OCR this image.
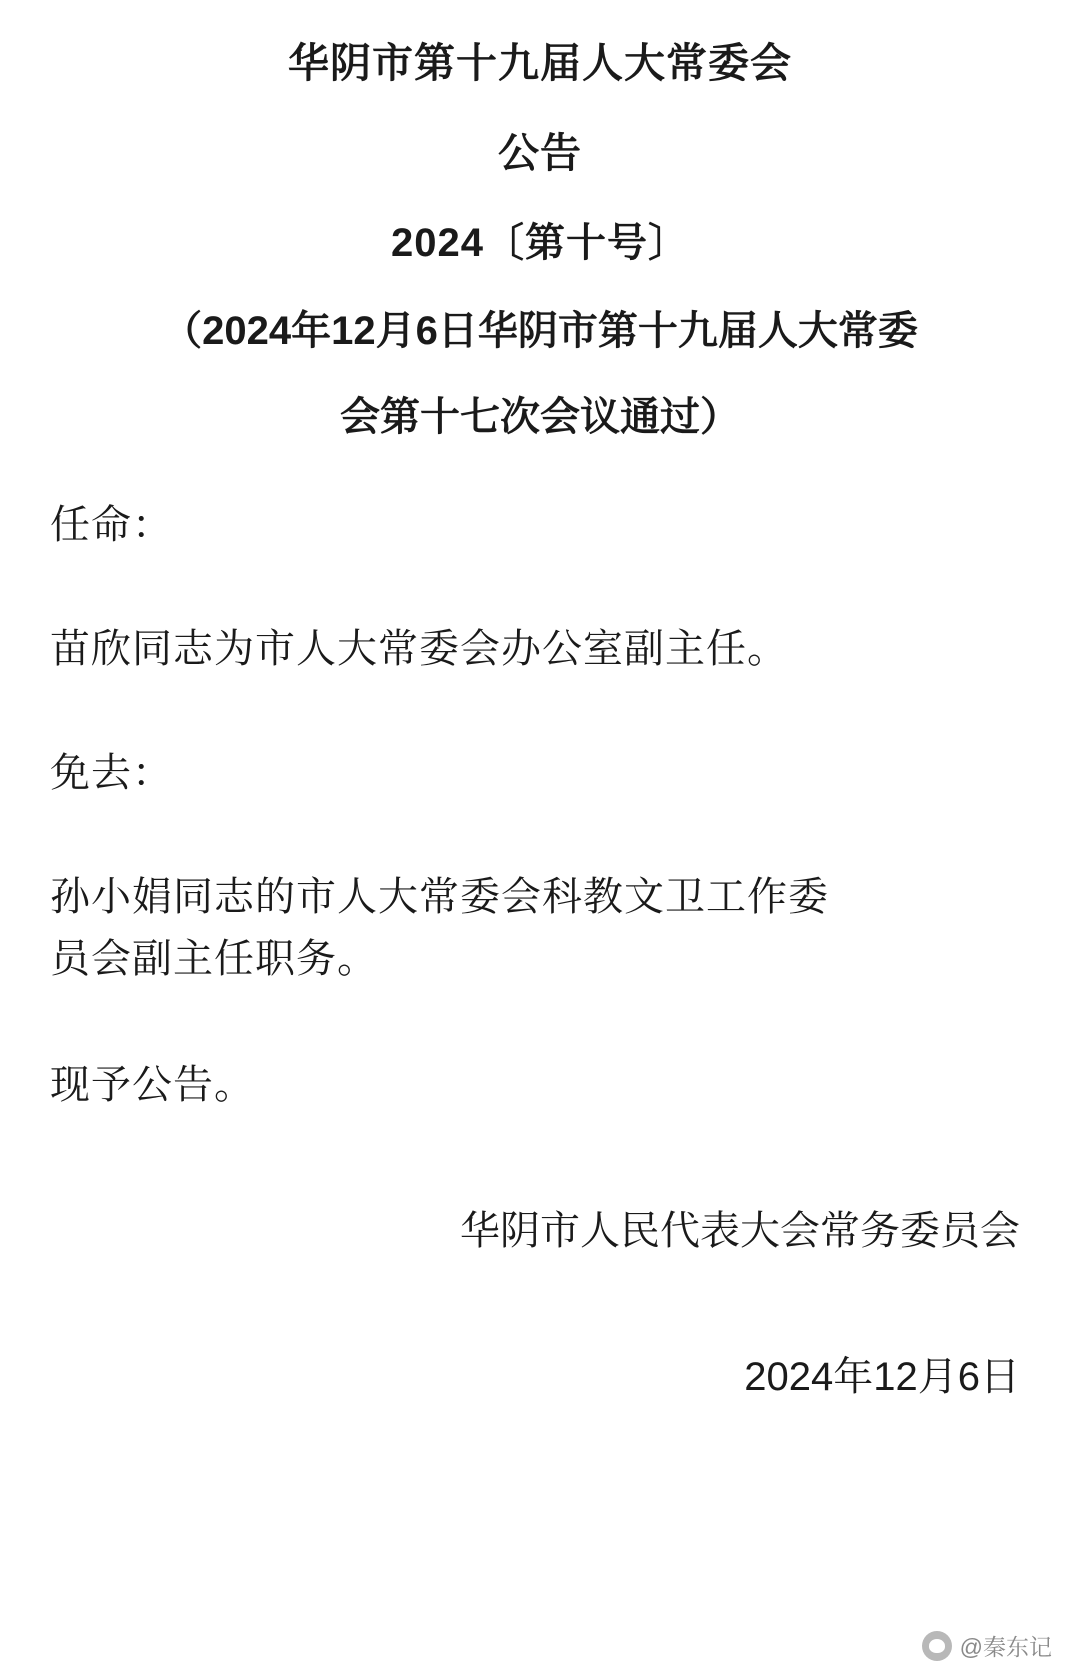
华阴市第十九届人大常委会
公告
2024〔第十号〕
（2024年12月6日华阴市第十九届人大常委
会第十七次会议通过）

任命：

苗欣同志为市人大常委会办公室副主任。

免去：

孙小娟同志的市人大常委会科教文卫工作委

员会副主任职务。

现予公告。

华阴市人民代表大会常务委员会

2024年12月6日

@秦东记
